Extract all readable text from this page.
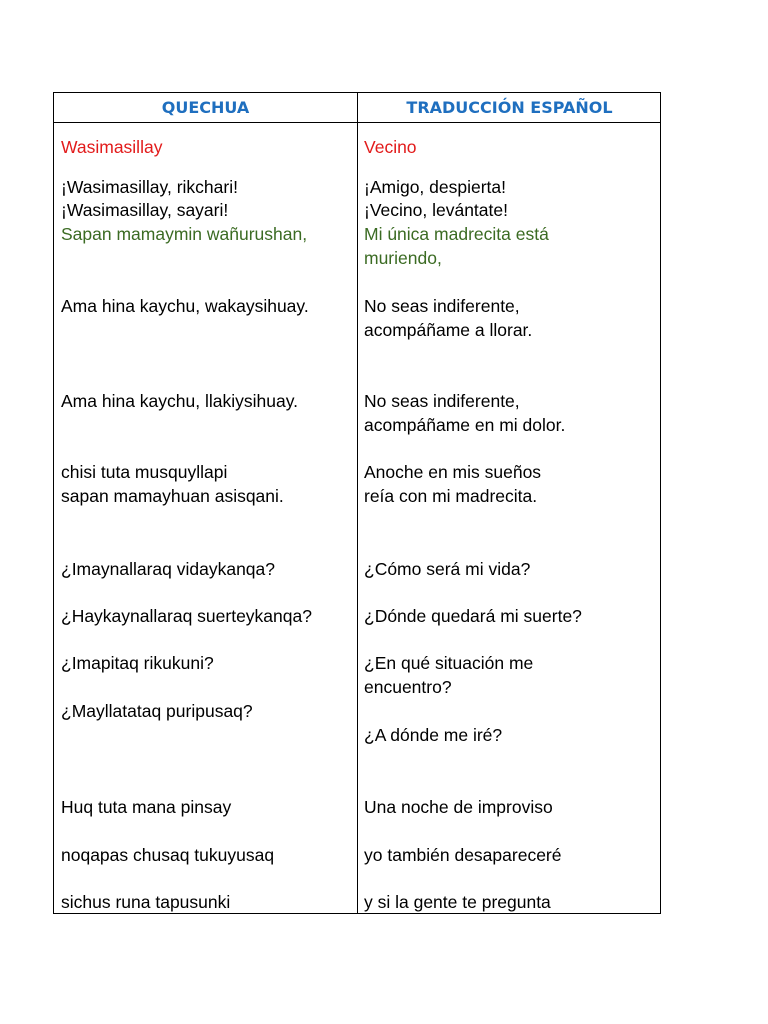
QUECHUA	TRADUCCIÓN ESPAÑOL
Wasimasillay
¡Wasimasillay, rikchari!
¡Wasimasillay, sayari!
Sapan mamaymin wañurushan,
Ama hina kaychu, wakaysihuay.
Ama hina kaychu, llakiysihuay.
chisi tuta musquyllapi
sapan mamayhuan asisqani.
¿Imaynallaraq vidaykanqa?
¿Haykaynallaraq suerteykanqa?
¿Imapitaq rikukuni?
¿Mayllatataq puripusaq?
Huq tuta mana pinsay
noqapas chusaq tukuyusaq
sichus runa tapusunki
Vecino
¡Amigo, despierta!
¡Vecino, levántate!
Mi única madrecita está
muriendo,
No seas indiferente,
acompáñame a llorar.
No seas indiferente,
acompáñame en mi dolor.
Anoche en mis sueños
reía con mi madrecita.
¿Cómo será mi vida?
¿Dónde quedará mi suerte?
¿En qué situación me
encuentro?
¿A dónde me iré?
Una noche de improviso
yo también desapareceré
y si la gente te pregunta
